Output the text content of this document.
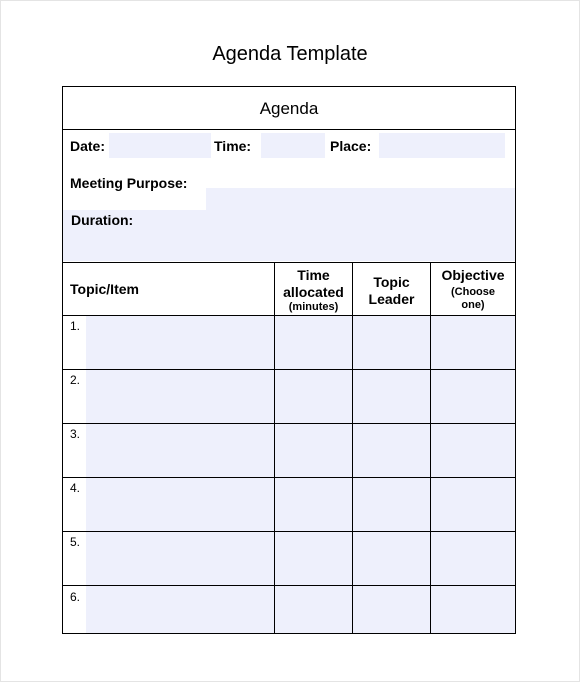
Agenda Template
Agenda
Date:	Time:	Place:
Meeting Purpose:
Duration:
Topic/Item
Time
allocated
(minutes)
Topic
Leader
Objective
(Choose
one)
1.
2.
3.
4.
5.
6.
